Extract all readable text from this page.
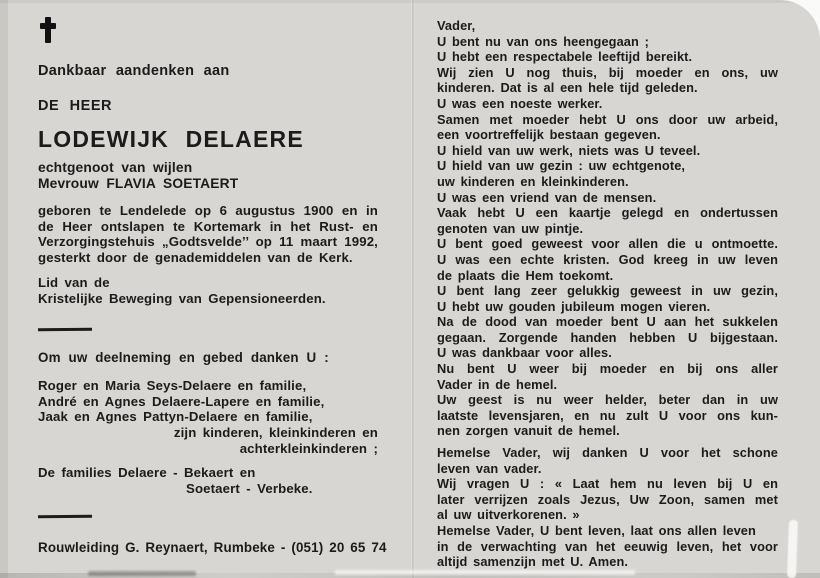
Dankbaar aandenken aan
DE HEER
LODEWIJK DELAERE
echtgenoot van wijlen
Mevrouw FLAVIA SOETAERT
geboren te Lendelede op 6 augustus 1900 en in
de Heer ontslapen te Kortemark in het Rust- en
Verzorgingstehuis „Godtsvelde’’ op 11 maart 1992,
gesterkt door de genademiddelen van de Kerk.
Lid van de
Kristelijke Beweging van Gepensioneerden.
Om uw deelneming en gebed danken U :
Roger en Maria Seys-Delaere en familie,
André en Agnes Delaere-Lapere en familie,
Jaak en Agnes Pattyn-Delaere en familie,
zijn kinderen, kleinkinderen en
achterkleinkinderen ;
De families Delaere - Bekaert en
Soetaert - Verbeke.
Rouwleiding G. Reynaert, Rumbeke - (051) 20 65 74
Vader,
U bent nu van ons heengegaan ;
U hebt een respectabele leeftijd bereikt.
Wij zien U nog thuis, bij moeder en ons, uw
kinderen. Dat is al een hele tijd geleden.
U was een noeste werker.
Samen met moeder hebt U ons door uw arbeid,
een voortreffelijk bestaan gegeven.
U hield van uw werk, niets was U teveel.
U hield van uw gezin : uw echtgenote,
uw kinderen en kleinkinderen.
U was een vriend van de mensen.
Vaak hebt U een kaartje gelegd en ondertussen
genoten van uw pintje.
U bent goed geweest voor allen die u ontmoette.
U was een echte kristen. God kreeg in uw leven
de plaats die Hem toekomt.
U bent lang zeer gelukkig geweest in uw gezin,
U hebt uw gouden jubileum mogen vieren.
Na de dood van moeder bent U aan het sukkelen
gegaan. Zorgende handen hebben U bijgestaan.
U was dankbaar voor alles.
Nu bent U weer bij moeder en bij ons aller
Vader in de hemel.
Uw geest is nu weer helder, beter dan in uw
laatste levensjaren, en nu zult U voor ons kun-
nen zorgen vanuit de hemel.
Hemelse Vader, wij danken U voor het schone
leven van vader.
Wij vragen U : « Laat hem nu leven bij U en
later verrijzen zoals Jezus, Uw Zoon, samen met
al uw uitverkorenen. »
Hemelse Vader, U bent leven, laat ons allen leven
in de verwachting van het eeuwig leven, het voor
altijd samenzijn met U. Amen.
